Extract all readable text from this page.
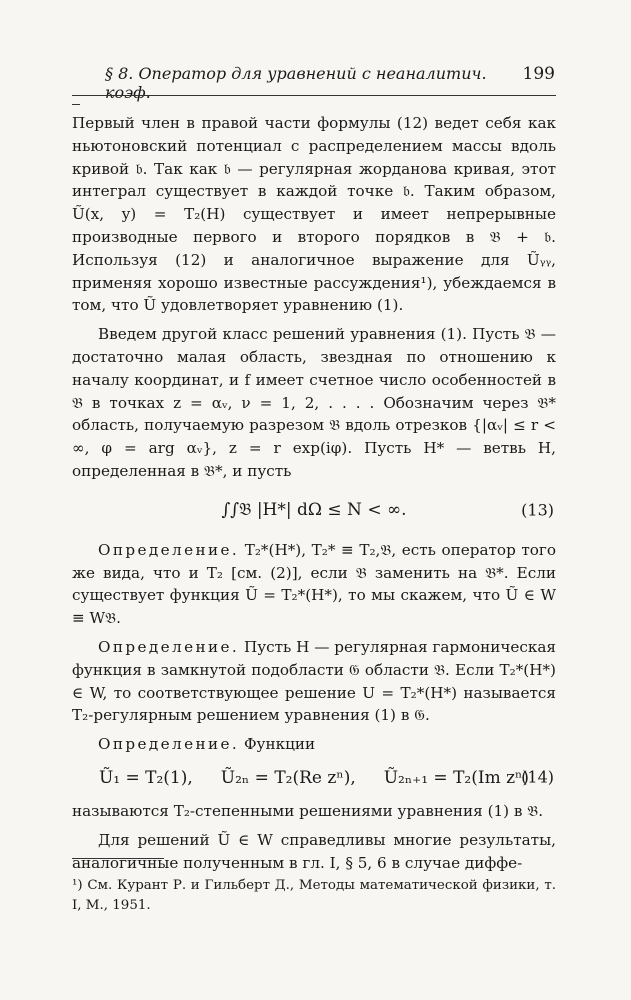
§ 8. Оператор для уравнений с неаналитич. коэф.
199

Первый член в правой части формулы (12) ведет себя как ньютоновский потенциал с распределением массы вдоль кривой 𝔟. Так как 𝔟 — регулярная жорданова кривая, этот интеграл существует в каждой точке 𝔟. Таким образом, Ũ(x, y) = T₂(H) существует и имеет непрерывные производные первого и второго порядков в 𝔅 + 𝔟. Используя (12) и аналогичное выражение для Ũᵧᵧ, применяя хорошо известные рассуждения¹), убеждаемся в том, что Ũ удовлетворяет уравнению (1).

Введем другой класс решений уравнения (1). Пусть 𝔅 — достаточно малая область, звездная по отношению к началу координат, и f имеет счетное число особенностей в 𝔅 в точках z = αᵥ, ν = 1, 2, . . . . Обозначим через 𝔅* область, получаемую разрезом 𝔅 вдоль отрезков {|αᵥ| ≤ r < ∞, φ = arg αᵥ}, z = r exp(iφ). Пусть H* — ветвь H, определенная в 𝔅*, и пусть

∫∫𝔅 |H*| dΩ ≤ N < ∞.	(13)

Определение. T₂*(H*), T₂* ≡ T₂,𝔅, есть оператор того же вида, что и T₂ [см. (2)], если 𝔅 заменить на 𝔅*. Если существует функция Ũ = T₂*(H*), то мы скажем, что Ũ ∈ W ≡ W𝔅.

Определение. Пусть H — регулярная гармоническая функция в замкнутой подобласти 𝔊 области 𝔅. Если T₂*(H*) ∈ W, то соответствующее решение U = T₂*(H*) называется T₂-регулярным решением уравнения (1) в 𝔊.

Определение. Функции

Ũ₁ = T₂(1), Ũ₂ₙ = T₂(Re zⁿ), Ũ₂ₙ₊₁ = T₂(Im zⁿ)
(14)

называются T₂-степенными решениями уравнения (1) в 𝔅.

Для решений Ũ ∈ W справедливы многие результаты, аналогичные полученным в гл. I, § 5, 6 в случае диффе-

¹) См. Курант Р. и Гильберт Д., Методы математической физики, т. I, М., 1951.
